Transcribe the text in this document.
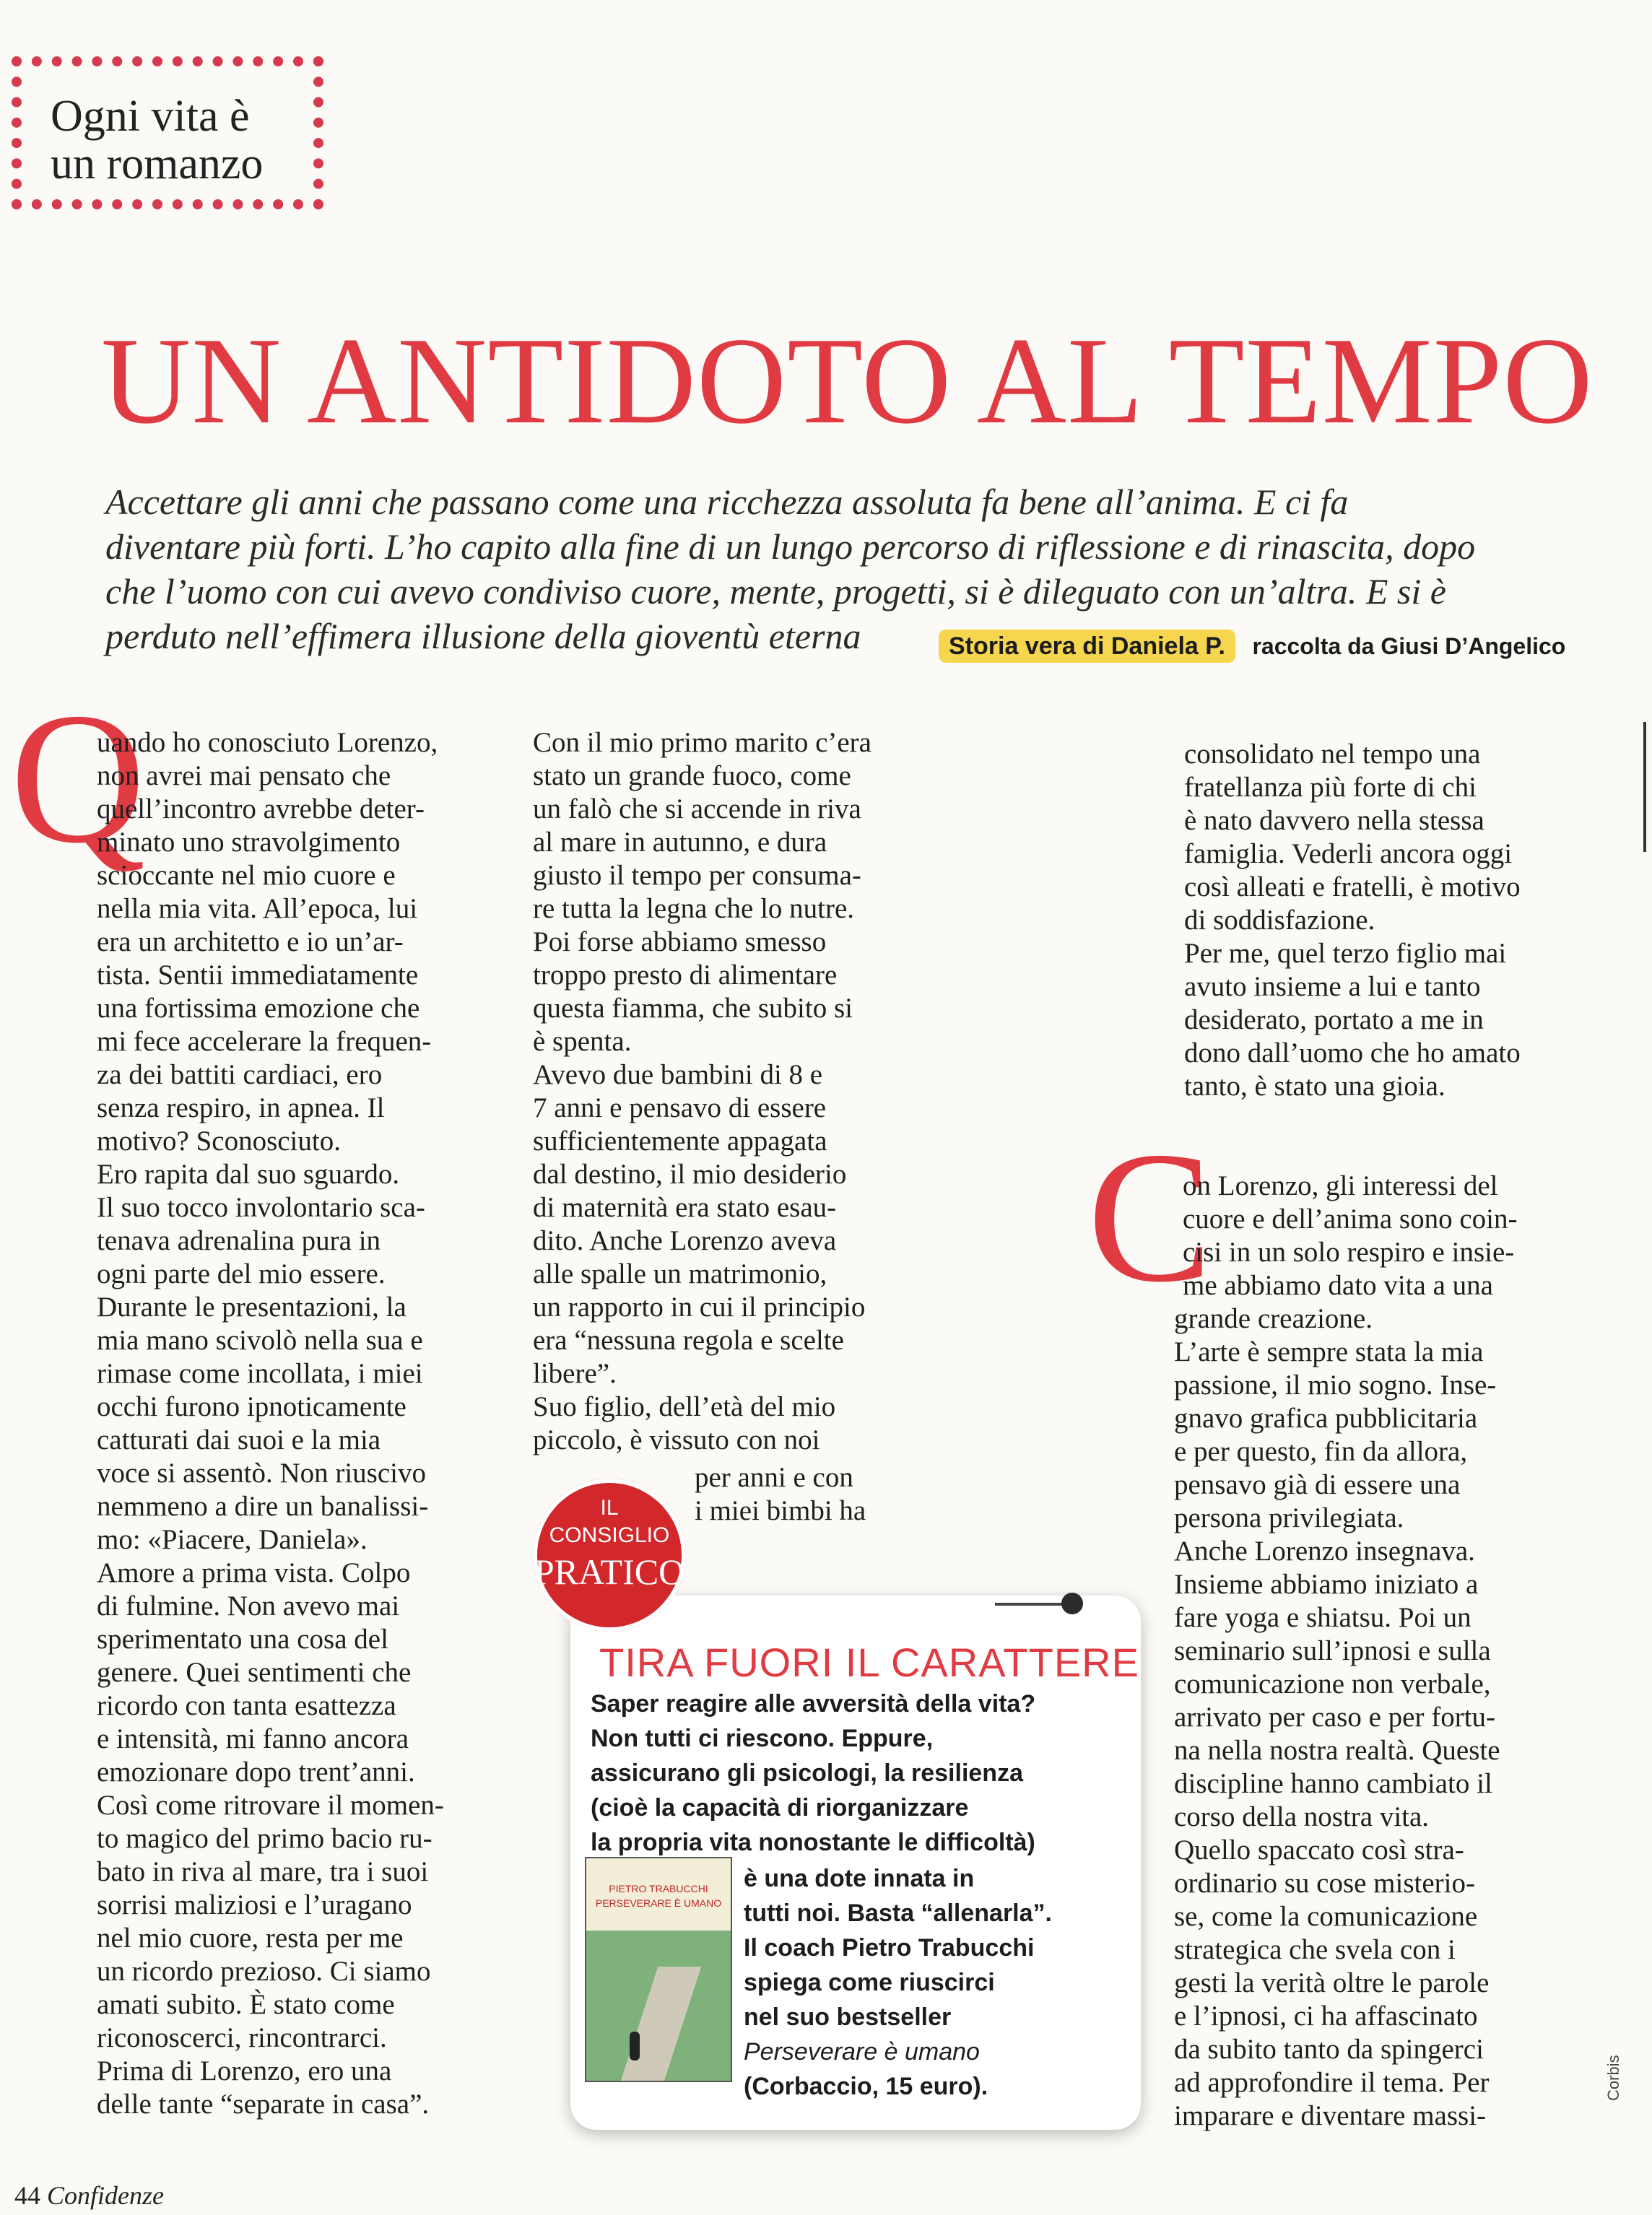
Ogni vita è
un romanzo
UN ANTIDOTO AL TEMPO
Accettare gli anni che passano come una ricchezza assoluta fa bene all’anima. E ci fa
diventare più forti. L’ho capito alla fine di un lungo percorso di riflessione e di rinascita, dopo
che l’uomo con cui avevo condiviso cuore, mente, progetti, si è dileguato con un’altra. E si è
perduto nell’effimera illusione della gioventù eterna	Storia vera di Daniela P. raccolta da Giusi D’Angelico
Q
uando ho conosciuto Lorenzo,
non avrei mai pensato che
quell’incontro avrebbe deter-
minato uno stravolgimento
scioccante nel mio cuore e
nella mia vita. All’epoca, lui
era un architetto e io un’ar-
tista. Sentii immediatamente
una fortissima emozione che
mi fece accelerare la frequen-
za dei battiti cardiaci, ero
senza respiro, in apnea. Il
motivo? Sconosciuto.
Ero rapita dal suo sguardo.
Il suo tocco involontario sca-
tenava adrenalina pura in
ogni parte del mio essere.
Durante le presentazioni, la
mia mano scivolò nella sua e
rimase come incollata, i miei
occhi furono ipnoticamente
catturati dai suoi e la mia
voce si assentò. Non riuscivo
nemmeno a dire un banalissi-
mo: «Piacere, Daniela».
Amore a prima vista. Colpo
di fulmine. Non avevo mai
sperimentato una cosa del
genere. Quei sentimenti che
ricordo con tanta esattezza
e intensità, mi fanno ancora
emozionare dopo trent’anni.
Così come ritrovare il momen-
to magico del primo bacio ru-
bato in riva al mare, tra i suoi
sorrisi maliziosi e l’uragano
nel mio cuore, resta per me
un ricordo prezioso. Ci siamo
amati subito. È stato come
riconoscerci, rincontrarci.
Prima di Lorenzo, ero una
delle tante “separate in casa”.
Con il mio primo marito c’era
stato un grande fuoco, come
un falò che si accende in riva
al mare in autunno, e dura
giusto il tempo per consuma-
re tutta la legna che lo nutre.
Poi forse abbiamo smesso
troppo presto di alimentare
questa fiamma, che subito si
è spenta.
Avevo due bambini di 8 e
7 anni e pensavo di essere
sufficientemente appagata
dal destino, il mio desiderio
di maternità era stato esau-
dito. Anche Lorenzo aveva
alle spalle un matrimonio,
un rapporto in cui il principio
era “nessuna regola e scelte
libere”.
Suo figlio, dell’età del mio
piccolo, è vissuto con noi
per anni e con
i miei bimbi ha
consolidato nel tempo una
fratellanza più forte di chi
è nato davvero nella stessa
famiglia. Vederli ancora oggi
così alleati e fratelli, è motivo
di soddisfazione.
Per me, quel terzo figlio mai
avuto insieme a lui e tanto
desiderato, portato a me in
dono dall’uomo che ho amato
tanto, è stato una gioia.
C
on Lorenzo, gli interessi del
cuore e dell’anima sono coin-
cisi in un solo respiro e insie-
me abbiamo dato vita a una
grande creazione.
L’arte è sempre stata la mia
passione, il mio sogno. Inse-
gnavo grafica pubblicitaria
e per questo, fin da allora,
pensavo già di essere una
persona privilegiata.
Anche Lorenzo insegnava.
Insieme abbiamo iniziato a
fare yoga e shiatsu. Poi un
seminario sull’ipnosi e sulla
comunicazione non verbale,
arrivato per caso e per fortu-
na nella nostra realtà. Queste
discipline hanno cambiato il
corso della nostra vita.
Quello spaccato così stra-
ordinario su cose misterio-
se, come la comunicazione
strategica che svela con i
gesti la verità oltre le parole
e l’ipnosi, ci ha affascinato
da subito tanto da spingerci
ad approfondire il tema. Per
imparare e diventare massi-
TIRA FUORI IL CARATTERE
Saper reagire alle avversità della vita?
Non tutti ci riescono. Eppure,
assicurano gli psicologi, la resilienza
(cioè la capacità di riorganizzare
la propria vita nonostante le difficoltà)
PIETRO TRABUCCHI
PERSEVERARE È UMANO
è una dote innata in
tutti noi. Basta “allenarla”.
Il coach Pietro Trabucchi
spiega come riuscirci
nel suo bestseller
Perseverare è umano
(Corbaccio, 15 euro).
IL
CONSIGLIO
PRATICO
44 Confidenze
Corbis
